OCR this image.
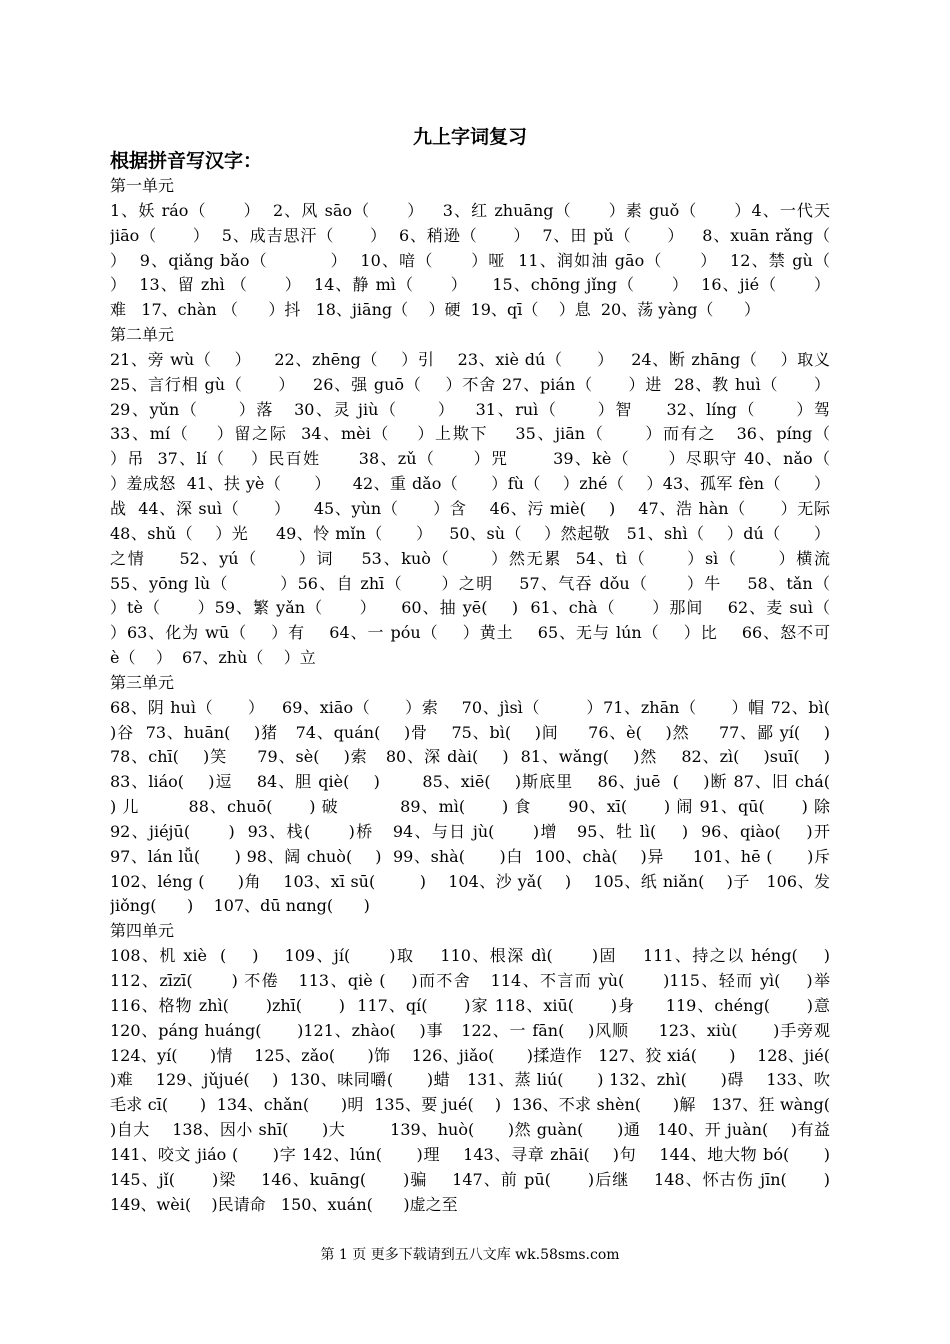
九上字词复习
根据拼音写汉字：
第一单元
1、妖 ráo（      ）  2、风 sāo（      ）   3、红 zhuāng（      ）素 guǒ（      ）4、一代天
jiāo（      ）  5、成吉思汗（      ）  6、稍逊（      ）  7、田 pǔ（      ）   8、xuān rǎng（
）  9、qiǎng bǎo（          ）  10、喑（      ）哑  11、润如油 gāo（      ）  12、禁 gù（
）  13、留 zhì （      ）  14、静 mì（      ）    15、chōng jǐng（      ）  16、jié（      ）
难   17、chàn （      ）抖   18、jiāng（    ）硬  19、qī（    ）息  20、荡 yàng（      ）
第二单元
21、旁 wù（    ）    22、zhēng（    ）引    23、xiè dú（      ）   24、断 zhāng（    ）取义
25、言行相 gù（      ）   26、强 guō（    ）不舍 27、pián（      ）进  28、教 huì（      ）
29、yǔn（      ）落   30、灵 jiù（      ）   31、ruì（      ）智     32、líng（      ）驾
33、mí（    ）留之际  34、mèi（    ）上欺下    35、jiān（      ）而有之   36、píng（
）吊  37、lí（    ）民百姓      38、zǔ（      ）咒       39、kè（      ）尽职守 40、nǎo（
）羞成怒  41、扶 yè（      ）    42、重 dǎo（      ）fù（    ）zhé（    ）43、孤军 fèn（      ）
战  44、深 suì（      ）    45、yùn（      ）含    46、污 miè(    )    47、浩 hàn（      ）无际
48、shǔ（    ）光     49、怜 mǐn（      ）   50、sù（    ）然起敬   51、shì（    ）dú（      ）
之情     52、yú（      ）词    53、kuò（      ）然无累  54、tì（      ）sì（      ）横流
55、yōng lù（        ）56、自 zhī（      ）之明    57、气吞 dǒu（      ）牛    58、tǎn（
）tè（      ）59、繁 yǎn（      ）    60、抽 yē(    )  61、chà（      ）那间    62、麦 suì（
）63、化为 wū（    ）有    64、一 póu（    ）黄土    65、无与 lún（    ）比    66、怒不可
è（    ）  67、zhù（    ）立
第三单元
68、阴 huì（      ）   69、xiāo（      ）索    70、jìsì（        ）71、zhān（      ）帽 72、bì(
)谷  73、huān(    )猪   74、quán(    )骨    75、bì(    )间     76、è(    )然     77、鄙 yí(    )
78、chī(    )笑     79、sè(    )索   80、深 dài(    )  81、wǎng(    )然    82、zì(    )suī(    )
83、liáo(    )逗    84、胆 qiè(    )       85、xiē(    )斯底里    86、juē  (    )断 87、旧 chá(
) 儿        88、chuō(      ) 破          89、mì(      ) 食      90、xī(      ) 闹 91、qū(      ) 除
92、jiéjū(      )  93、栈(      )桥   94、与日 jù(      )增   95、牡 lì(    )  96、qiào(    )开
97、lán lǚ(      ) 98、阔 chuò(    )  99、shà(      )白  100、chà(    )异     101、hē (      )斥
102、léng (      )角    103、xī sū(        )    104、沙 yǎ(    )    105、纸 niǎn(    )子   106、发
jiǒng(      )    107、dū nɑng(      )
第四单元
108、机 xiè  (    )    109、jí(      )取    110、根深 dì(      )固    111、持之以 héng(    )
112、zīzī(      ) 不倦   113、qiè (    )而不舍   114、不言而 yù(      )115、轻而 yì(    )举
116、格物 zhì(      )zhī(      )  117、qí(      )家 118、xiū(      )身     119、chéng(      )意
120、páng huáng(      )121、zhào(    )事   122、一 fān(    )风顺     123、xiù(      )手旁观
124、yí(      )情    125、zǎo(      )饰    126、jiǎo(      )揉造作   127、狡 xiá(      )    128、jié(
)难    129、jǔjué(    )  130、味同嚼(      )蜡   131、蒸 liú(      ) 132、zhì(      )碍    133、吹
毛求 cī(      )  134、chǎn(      )明  135、要 jué(    )  136、不求 shèn(      )解   137、狂 wàng(
)自大    138、因小 shī(      )大        139、huò(      )然 guàn(      )通   140、开 juàn(    )有益
141、咬文 jiáo (      )字 142、lún(      )理    143、寻章 zhāi(    )句    144、地大物 bó(      )
145、jǐ(      )梁    146、kuāng(      )骗    147、前 pū(      )后继    148、怀古伤 jīn(      )
149、wèi(    )民请命   150、xuán(      )虚之至
第 1 页 更多下载请到五八文库 wk.58sms.com
